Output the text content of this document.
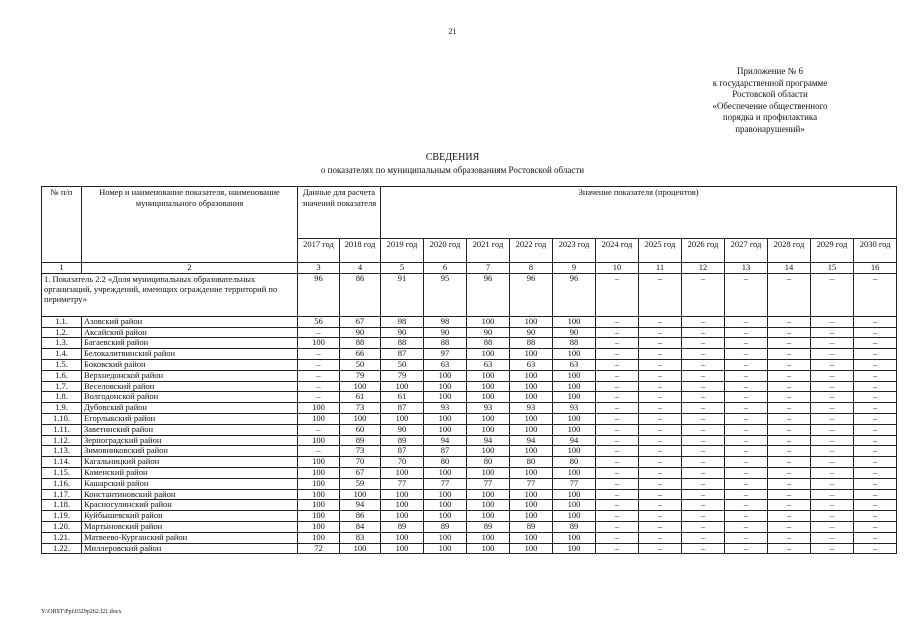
21
Приложение № 6
к государственной программе
Ростовской области
«Обеспечение общественного
порядка и профилактика
правонарушений»
СВЕДЕНИЯ
о показателях по муниципальным образованиям Ростовской области
№ п/п	Номер и наименование показателя, наименование муниципального образования	Данные для расчета значений показателя		Значение показателя (процентов)											
		2017 год	2018 год	2019 год	2020 год	2021 год	2022 год	2023 год	2024 год	2025 год	2026 год	2027 год	2028 год	2029 год	2030 год
1	2	3	4	5	6	7	8	9	10	11	12	13	14	15	16
1. Показатель 2.2 «Доля муниципальных образовательных организаций, учреждений, имеющих ограждение территорий по периметру»		96	86	91	95	96	96	96	–	–	–	–	–	–	–
1.1.	Азовский район	56	67	98	98	100	100	100	–	–	–	–	–	–	–
1.2.	Аксайский район	–	90	90	90	90	90	90	–	–	–	–	–	–	–
1.3.	Багаевский район	100	88	88	88	88	88	88	–	–	–	–	–	–	–
1.4.	Белокалитвинский район	–	66	87	97	100	100	100	–	–	–	–	–	–	–
1.5.	Боковский район	–	50	50	63	63	63	63	–	–	–	–	–	–	–
1.6.	Верхнедонской район	–	79	79	100	100	100	100	–	–	–	–	–	–	–
1.7.	Веселовский район	–	100	100	100	100	100	100	–	–	–	–	–	–	–
1.8.	Волгодонской район	–	61	61	100	100	100	100	–	–	–	–	–	–	–
1.9.	Дубовский район	100	73	87	93	93	93	93	–	–	–	–	–	–	–
1.10.	Егорлыкский район	100	100	100	100	100	100	100	–	–	–	–	–	–	–
1.11.	Заветинский район	–	60	90	100	100	100	100	–	–	–	–	–	–	–
1.12.	Зерноградский район	100	89	89	94	94	94	94	–	–	–	–	–	–	–
1.13.	Зимовниковский район	–	73	87	87	100	100	100	–	–	–	–	–	–	–
1.14.	Кагальницкий район	100	70	70	80	80	80	80	–	–	–	–	–	–	–
1.15.	Каменский район	100	67	100	100	100	100	100	–	–	–	–	–	–	–
1.16.	Кашарский район	100	59	77	77	77	77	77	–	–	–	–	–	–	–
1.17.	Константиновский район	100	100	100	100	100	100	100	–	–	–	–	–	–	–
1.18.	Красносулинский район	100	94	100	100	100	100	100	–	–	–	–	–	–	–
1.19.	Куйбышевский район	100	86	100	100	100	100	100	–	–	–	–	–	–	–
1.20.	Мартыновский район	100	84	89	89	89	89	89	–	–	–	–	–	–	–
1.21.	Матвеево-Курганский район	100	83	100	100	100	100	100	–	–	–	–	–	–	–
1.22.	Миллеровский район	72	100	100	100	100	100	100	–	–	–	–	–	–	–
Y:\ORST\Ppi\0329p262.f21.docx
